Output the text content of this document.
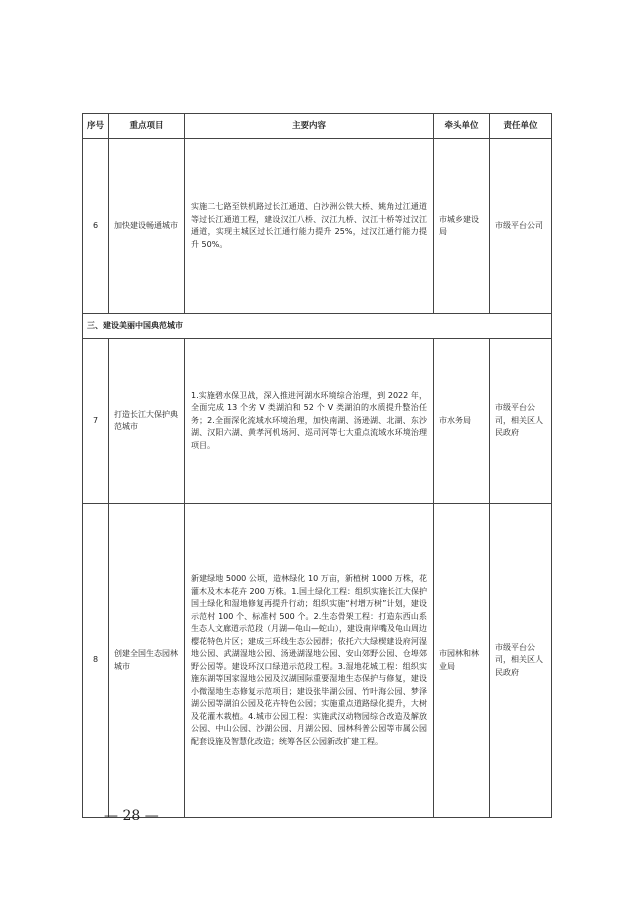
序号	重点项目	主要内容	牵头单位	责任单位
6	加快建设畅通城市	实施二七路至铁机路过长江通道、白沙洲公铁大桥、姚角过江通道等过长江通道工程，建设汉江八桥、汉江九桥、汉江十桥等过汉江通道，实现主城区过长江通行能力提升 25%，过汉江通行能力提升 50%。	市城乡建设局	市级平台公司
三、建设美丽中国典范城市				
7	打造长江大保护典范城市	1.实施碧水保卫战，深入推进河湖水环境综合治理，到 2022 年，全面完成 13 个劣 V 类湖泊和 52 个 V 类湖泊的水质提升整治任务；2.全面深化流域水环境治理，加快南湖、汤逊湖、北湖、东沙湖、汉阳六湖、黄孝河机场河、巡司河等七大重点流域水环境治理项目。	市水务局	市级平台公司，相关区人民政府
8	创建全国生态园林城市	新建绿地 5000 公顷，造林绿化 10 万亩，新植树 1000 万株，花灌木及木本花卉 200 万株。1.国土绿化工程：组织实施长江大保护国土绿化和湿地修复再提升行动；组织实施“村增万树”计划，建设示范村 100 个、标准村 500 个。2.生态骨架工程：打造东西山系生态人文廊道示范段（月湖—龟山—蛇山），建设南岸嘴及龟山周边樱花特色片区；建成三环线生态公园群；依托六大绿楔建设府河湿地公园、武湖湿地公园、汤逊湖湿地公园、安山郊野公园、仓埠郊野公园等。建设环汉口绿道示范段工程。3.湿地花城工程：组织实施东湖等国家湿地公园及汉湖国际重要湿地生态保护与修复，建设小微湿地生态修复示范项目；建设张毕湖公园、竹叶海公园、梦泽湖公园等湖泊公园及花卉特色公园；实施重点道路绿化提升，大树及花灌木栽植。4.城市公园工程：实施武汉动物园综合改造及解放公园、中山公园、沙湖公园、月湖公园、园林科普公园等市属公园配套设施及智慧化改造；统筹各区公园新改扩建工程。	市园林和林业局	市级平台公司，相关区人民政府
— 28 —
